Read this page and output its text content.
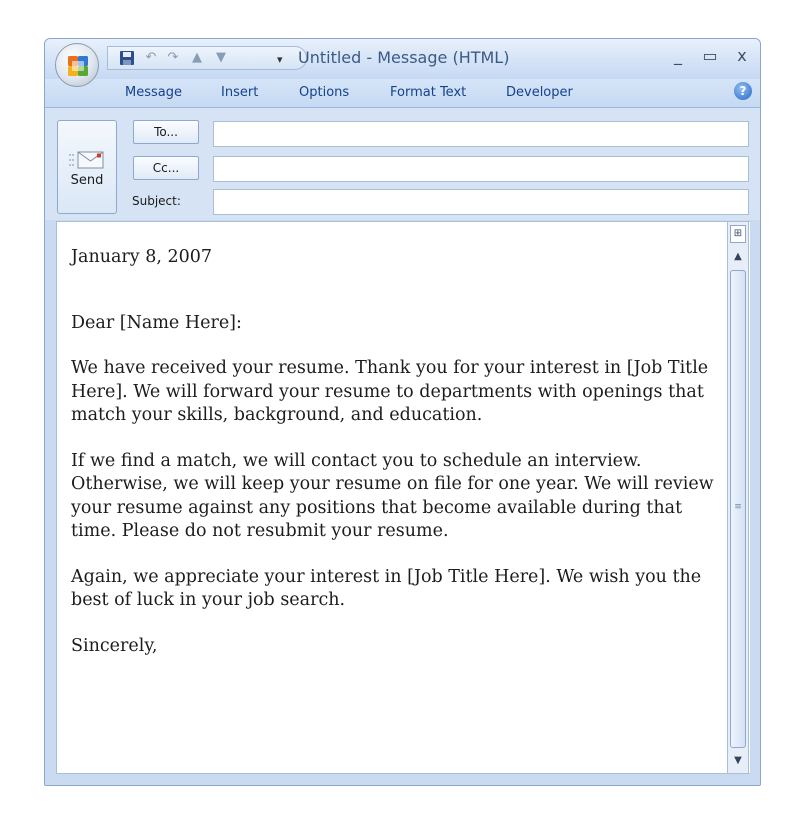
↶ ↷	▲	▼	▾ Untitled - Message (HTML)	_	▭	x
Message	Insert	Options	Format Text	Developer	?
Send
To...
Cc...
Subject:

January 8, 2007

Dear [Name Here]:

We have received your resume. Thank you for your interest in [Job Title Here]. We will forward your resume to departments with openings that match your skills, background, and education.

If we find a match, we will contact you to schedule an interview. Otherwise, we will keep your resume on file for one year. We will review your resume against any positions that become available during that time. Please do not resubmit your resume.

Again, we appreciate your interest in [Job Title Here]. We wish you the best of luck in your job search.

Sincerely,

⊞
▲
≡
▼
